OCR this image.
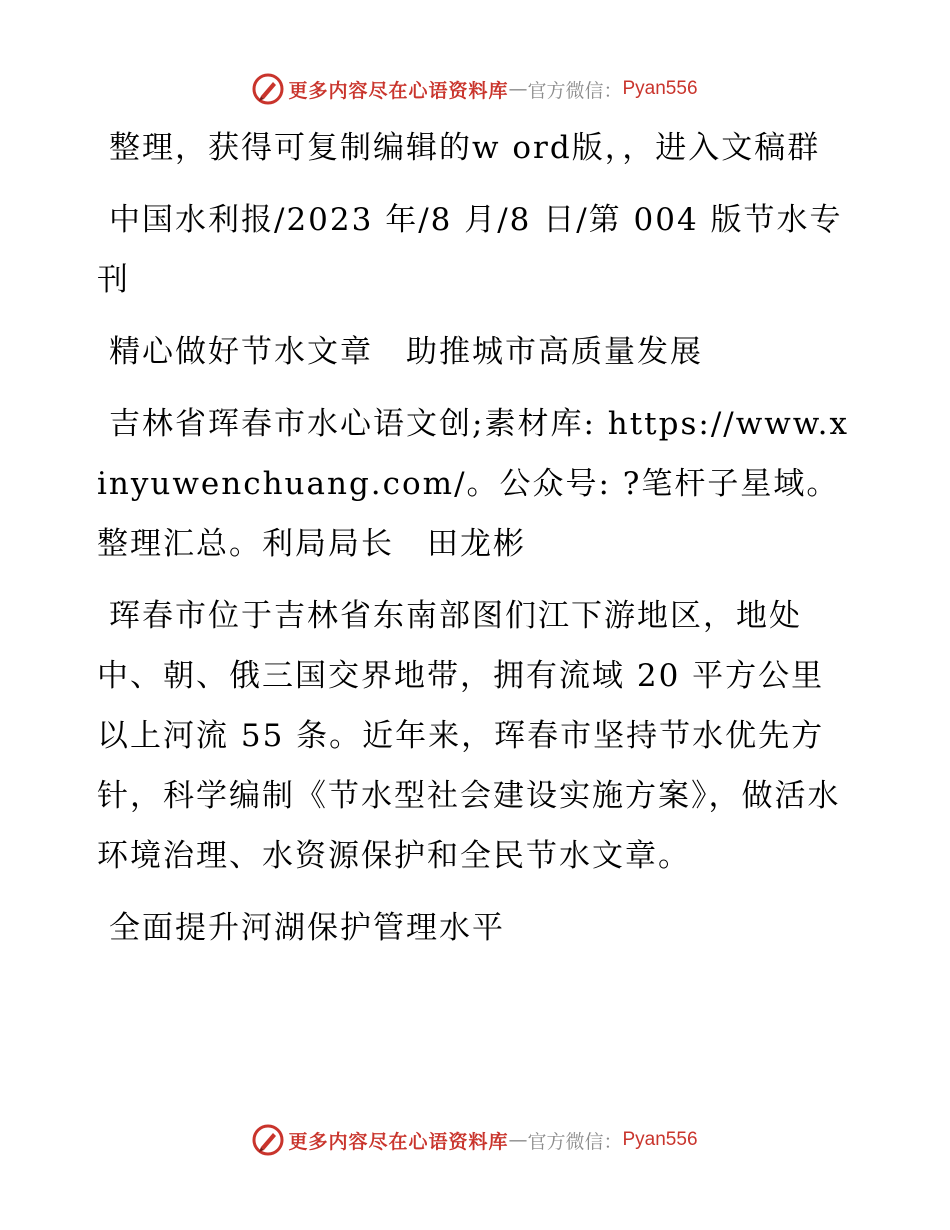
更多内容尽在心语资料库 — 官方微信： Pyan556

整理，获得可复制编辑的w ord版，，进入文稿群

中国水利报/2023 年/8 月/8 日/第 004 版节水专刊

精心做好节水文章　助推城市高质量发展

吉林省珲春市水心语文创;素材库: https://www.xinyuwenchuang.com/。公众号: ?笔杆子星域。整理汇总。利局局长　田龙彬

珲春市位于吉林省东南部图们江下游地区，地处中、朝、俄三国交界地带，拥有流域 20 平方公里以上河流 55 条。近年来，珲春市坚持节水优先方针，科学编制《节水型社会建设实施方案》，做活水环境治理、水资源保护和全民节水文章。

全面提升河湖保护管理水平

更多内容尽在心语资料库 — 官方微信： Pyan556
